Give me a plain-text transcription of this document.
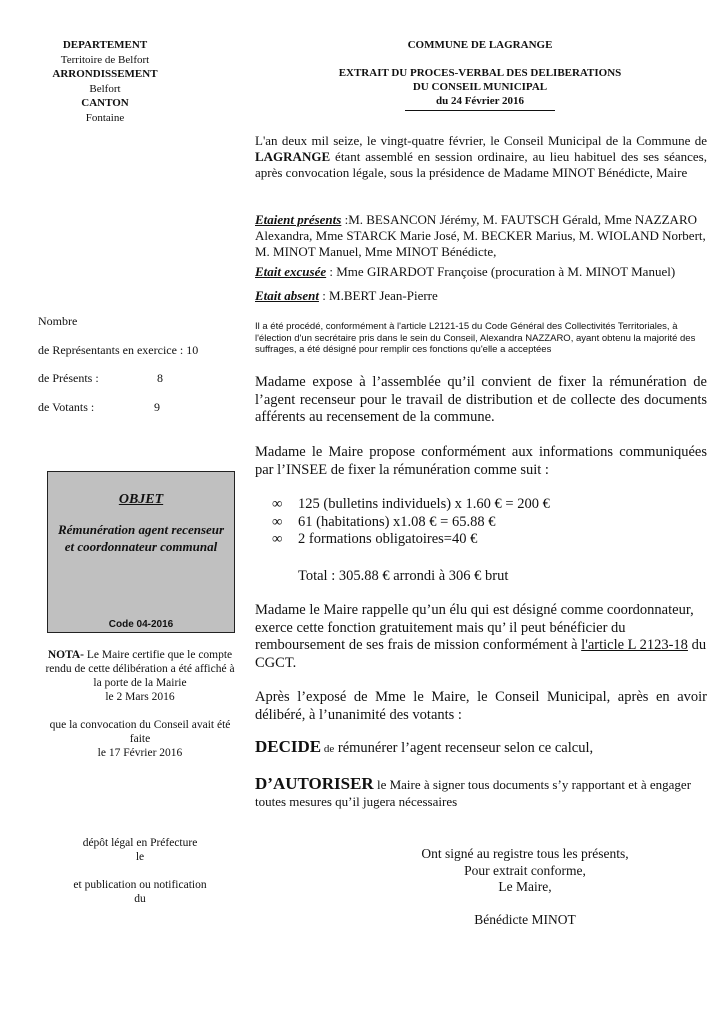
DEPARTEMENT
Territoire de Belfort
ARRONDISSEMENT
Belfort
CANTON
Fontaine
COMMUNE DE LAGRANGE
EXTRAIT DU PROCES-VERBAL DES DELIBERATIONS
DU CONSEIL MUNICIPAL
du 24 Février 2016
L'an deux mil seize, le vingt-quatre février, le Conseil Municipal de la Commune de LAGRANGE étant assemblé en session ordinaire, au lieu habituel des ses séances, après convocation légale, sous la présidence de Madame MINOT Bénédicte, Maire
Etaient présents :M. BESANCON Jérémy, M. FAUTSCH Gérald, Mme NAZZARO Alexandra, Mme STARCK Marie José, M. BECKER Marius, M. WIOLAND Norbert, M. MINOT Manuel, Mme MINOT Bénédicte,
Etait excusée : Mme GIRARDOT Françoise (procuration à M. MINOT Manuel)
Etait absent : M.BERT Jean-Pierre
Il a été procédé, conformément à l'article L2121-15 du Code Général des Collectivités Territoriales, à l'élection d'un secrétaire pris dans le sein du Conseil, Alexandra NAZZARO, ayant obtenu la majorité des suffrages, a été désigné pour remplir ces fonctions qu'elle a acceptées
Nombre
de Représentants en exercice : 10
de Présents :	8
de Votants :	9
OBJET
Rémunération agent recenseur et coordonnateur communal
Code 04-2016
NOTA- Le Maire certifie que le compte rendu de cette délibération a été affiché à la porte de la Mairie
le 2 Mars 2016
que la convocation du Conseil avait été faite
le 17 Février 2016
dépôt légal en Préfecture
le
et publication ou notification
du
Madame expose à l’assemblée qu’il convient de fixer la rémunération de l’agent recenseur pour le travail de distribution et de collecte des documents afférents au recensement de la commune.
Madame le Maire propose conformément aux informations communiquées par l’INSEE de fixer la rémunération comme suit :
∞	125 (bulletins individuels) x 1.60 € = 200 €
∞	61 (habitations) x1.08 € = 65.88 €
∞	2 formations obligatoires=40 €
Total : 305.88 € arrondi à 306 € brut
Madame le Maire rappelle qu’un élu qui est désigné comme coordonnateur, exerce cette fonction gratuitement mais qu’ il peut bénéficier du remboursement de ses frais de mission conformément à l'article L 2123-18 du CGCT.
Après l’exposé de Mme le Maire, le Conseil Municipal, après en avoir délibéré, à l’unanimité des votants :
DECIDE de rémunérer l’agent recenseur selon ce calcul,
D’AUTORISER le Maire à signer tous documents s’y rapportant et à engager toutes mesures qu’il jugera nécessaires
Ont signé au registre tous les présents,
Pour extrait conforme,
Le Maire,
Bénédicte MINOT
